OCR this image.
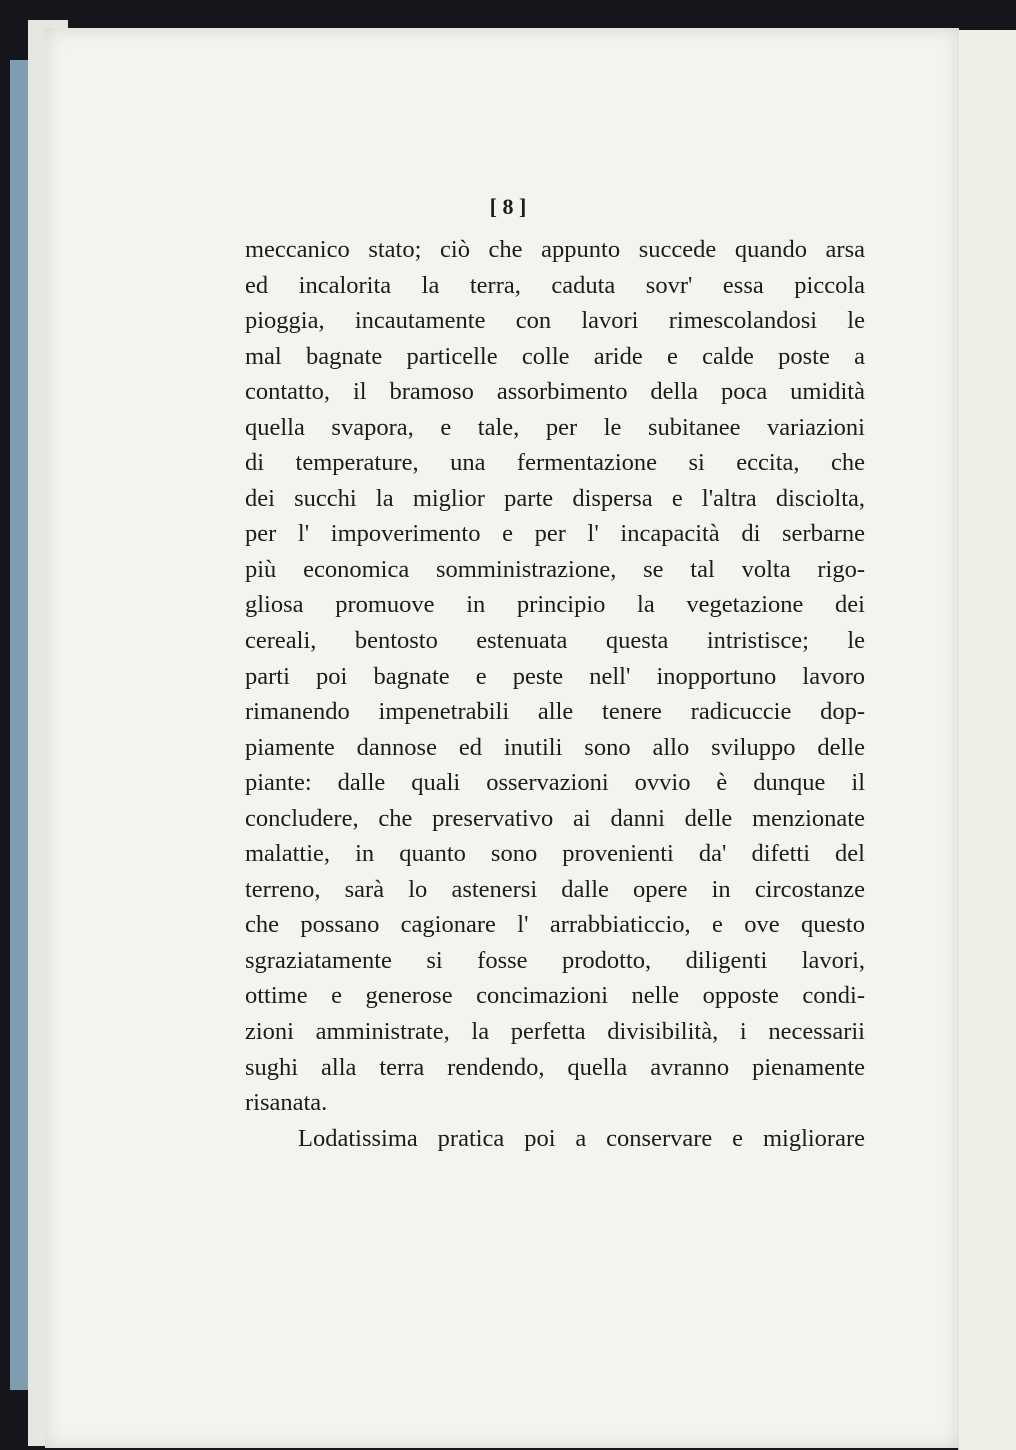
[ 8 ]
meccanico stato; ciò che appunto succede quando arsa
ed incalorita la terra, caduta sovr' essa piccola
pioggia, incautamente con lavori rimescolandosi le
mal bagnate particelle colle aride e calde poste a
contatto, il bramoso assorbimento della poca umidità
quella svapora, e tale, per le subitanee variazioni
di temperature, una fermentazione si eccita, che
dei succhi la miglior parte dispersa e l'altra disciolta,
per l' impoverimento e per l' incapacità di serbarne
più economica somministrazione, se tal volta rigo-
gliosa promuove in principio la vegetazione dei
cereali, bentosto estenuata questa intristisce; le
parti poi bagnate e peste nell' inopportuno lavoro
rimanendo impenetrabili alle tenere radicuccie dop-
piamente dannose ed inutili sono allo sviluppo delle
piante: dalle quali osservazioni ovvio è dunque il
concludere, che preservativo ai danni delle menzionate
malattie, in quanto sono provenienti da' difetti del
terreno, sarà lo astenersi dalle opere in circostanze
che possano cagionare l' arrabbiaticcio, e ove questo
sgraziatamente si fosse prodotto, diligenti lavori,
ottime e generose concimazioni nelle opposte condi-
zioni amministrate, la perfetta divisibilità, i necessarii
sughi alla terra rendendo, quella avranno pienamente
risanata.
Lodatissima pratica poi a conservare e migliorare
